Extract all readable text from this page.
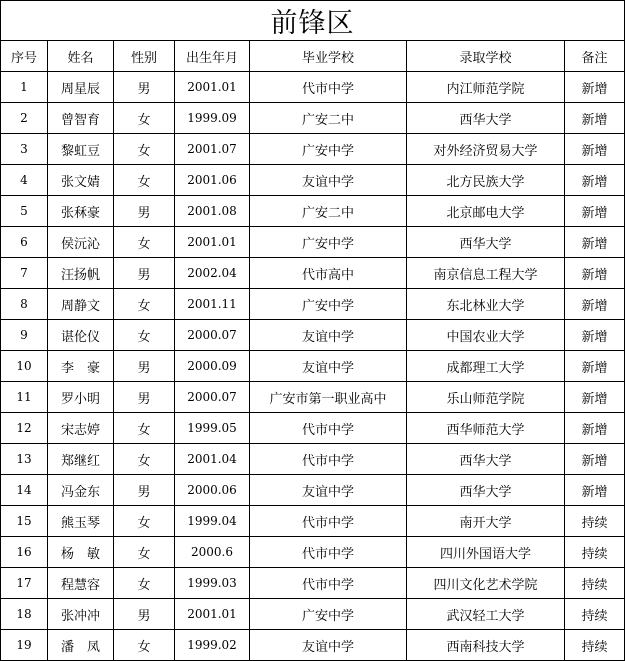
前锋区						
序号	姓名	性别	出生年月	毕业学校	录取学校	备注
1	周星辰	男	2001.01	代市中学	内江师范学院	新增
2	曾智育	女	1999.09	广安二中	西华大学	新增
3	黎虹豆	女	2001.07	广安中学	对外经济贸易大学	新增
4	张文婧	女	2001.06	友谊中学	北方民族大学	新增
5	张秝豪	男	2001.08	广安二中	北京邮电大学	新增
6	侯沅沁	女	2001.01	广安中学	西华大学	新增
7	汪扬帆	男	2002.04	代市高中	南京信息工程大学	新增
8	周静文	女	2001.11	广安中学	东北林业大学	新增
9	谌伦仪	女	2000.07	友谊中学	中国农业大学	新增
10	李　豪	男	2000.09	友谊中学	成都理工大学	新增
11	罗小明	男	2000.07	广安市第一职业高中	乐山师范学院	新增
12	宋志婷	女	1999.05	代市中学	西华师范大学	新增
13	郑继红	女	2001.04	代市中学	西华大学	新增
14	冯金东	男	2000.06	友谊中学	西华大学	新增
15	熊玉琴	女	1999.04	代市中学	南开大学	持续
16	杨　敏	女	2000.6	代市中学	四川外国语大学	持续
17	程慧容	女	1999.03	代市中学	四川文化艺术学院	持续
18	张冲冲	男	2001.01	广安中学	武汉轻工大学	持续
19	潘　凤	女	1999.02	友谊中学	西南科技大学	持续
